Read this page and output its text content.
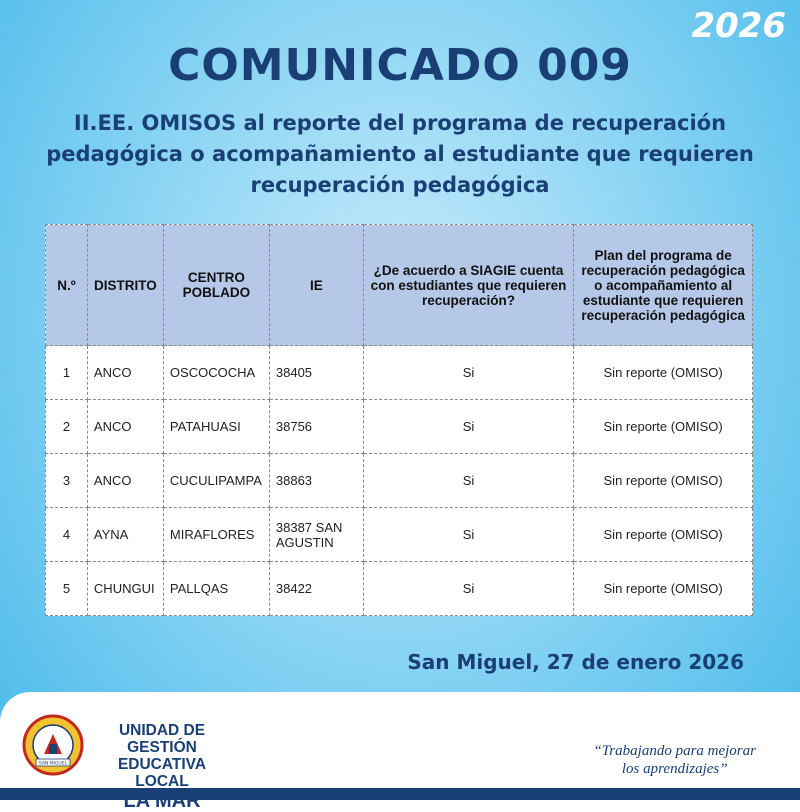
2026
COMUNICADO 009
II.EE. OMISOS al reporte del programa de recuperación pedagógica o acompañamiento al estudiante que requieren recuperación pedagógica
N.º	DISTRITO	CENTRO POBLADO	IE	¿De acuerdo a SIAGIE cuenta con estudiantes que requieren recuperación?	Plan del programa de recuperación pedagógica o acompañamiento al estudiante que requieren recuperación pedagógica
1	ANCO	OSCOCOCHA	38405	Si	Sin reporte (OMISO)
2	ANCO	PATAHUASI	38756	Si	Sin reporte (OMISO)
3	ANCO	CUCULIPAMPA	38863	Si	Sin reporte (OMISO)
4	AYNA	MIRAFLORES	38387 SAN AGUSTIN	Si	Sin reporte (OMISO)
5	CHUNGUI	PALLQAS	38422	Si	Sin reporte (OMISO)
San Miguel, 27 de enero 2026
SAN MIGUEL
UNIDAD DE GESTIÓN
EDUCATIVA LOCAL
LA MAR
“Trabajando para mejorar
los aprendizajes”
